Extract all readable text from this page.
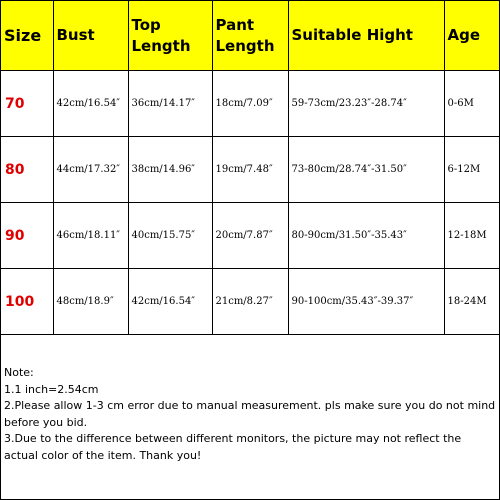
Size	Bust	Top Length	Pant Length	Suitable Hight	Age
70	42cm/16.54″	36cm/14.17″	18cm/7.09″	59-73cm/23.23″-28.74″	0-6M
80	44cm/17.32″	38cm/14.96″	19cm/7.48″	73-80cm/28.74″-31.50″	6-12M
90	46cm/18.11″	40cm/15.75″	20cm/7.87″	80-90cm/31.50″-35.43″	12-18M
100	48cm/18.9″	42cm/16.54″	21cm/8.27″	90-100cm/35.43″-39.37″	18-24M
Note:
1.1 inch=2.54cm
2.Please allow 1-3 cm error due to manual measurement. pls make sure you do not mind before you bid.
3.Due to the difference between different monitors, the picture may not reflect the actual color of the item. Thank you!
